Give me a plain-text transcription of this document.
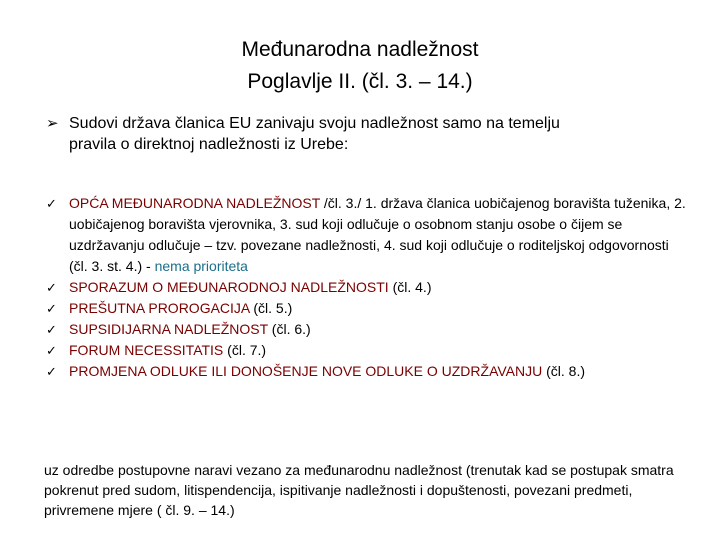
Međunarodna nadležnost
Poglavlje II. (čl. 3. – 14.)
➢ Sudovi država članica EU zanivaju svoju nadležnost samo na temelju
pravila o direktnoj nadležnosti iz Urebe:
✓ OPĆA MEĐUNARODNA NADLEŽNOST /čl. 3./ 1. država članica uobičajenog boravišta tuženika, 2. uobičajenog boravišta vjerovnika, 3. sud koji odlučuje o osobnom stanju osobe o čijem se uzdržavanju odlučuje – tzv. povezane nadležnosti, 4. sud koji odlučuje o roditeljskoj odgovornosti (čl. 3. st. 4.) - nema prioriteta
✓ SPORAZUM O MEĐUNARODNOJ NADLEŽNOSTI (čl. 4.)
✓ PREŠUTNA PROROGACIJA (čl. 5.)
✓ SUPSIDIJARNA NADLEŽNOST (čl. 6.)
✓ FORUM NECESSITATIS (čl. 7.)
✓ PROMJENA ODLUKE ILI DONOŠENJE NOVE ODLUKE O UZDRŽAVANJU (čl. 8.)
uz odredbe postupovne naravi vezano za međunarodnu nadležnost (trenutak kad se postupak smatra pokrenut pred sudom, litispendencija, ispitivanje nadležnosti i dopuštenosti, povezani predmeti, privremene mjere ( čl. 9. – 14.)
